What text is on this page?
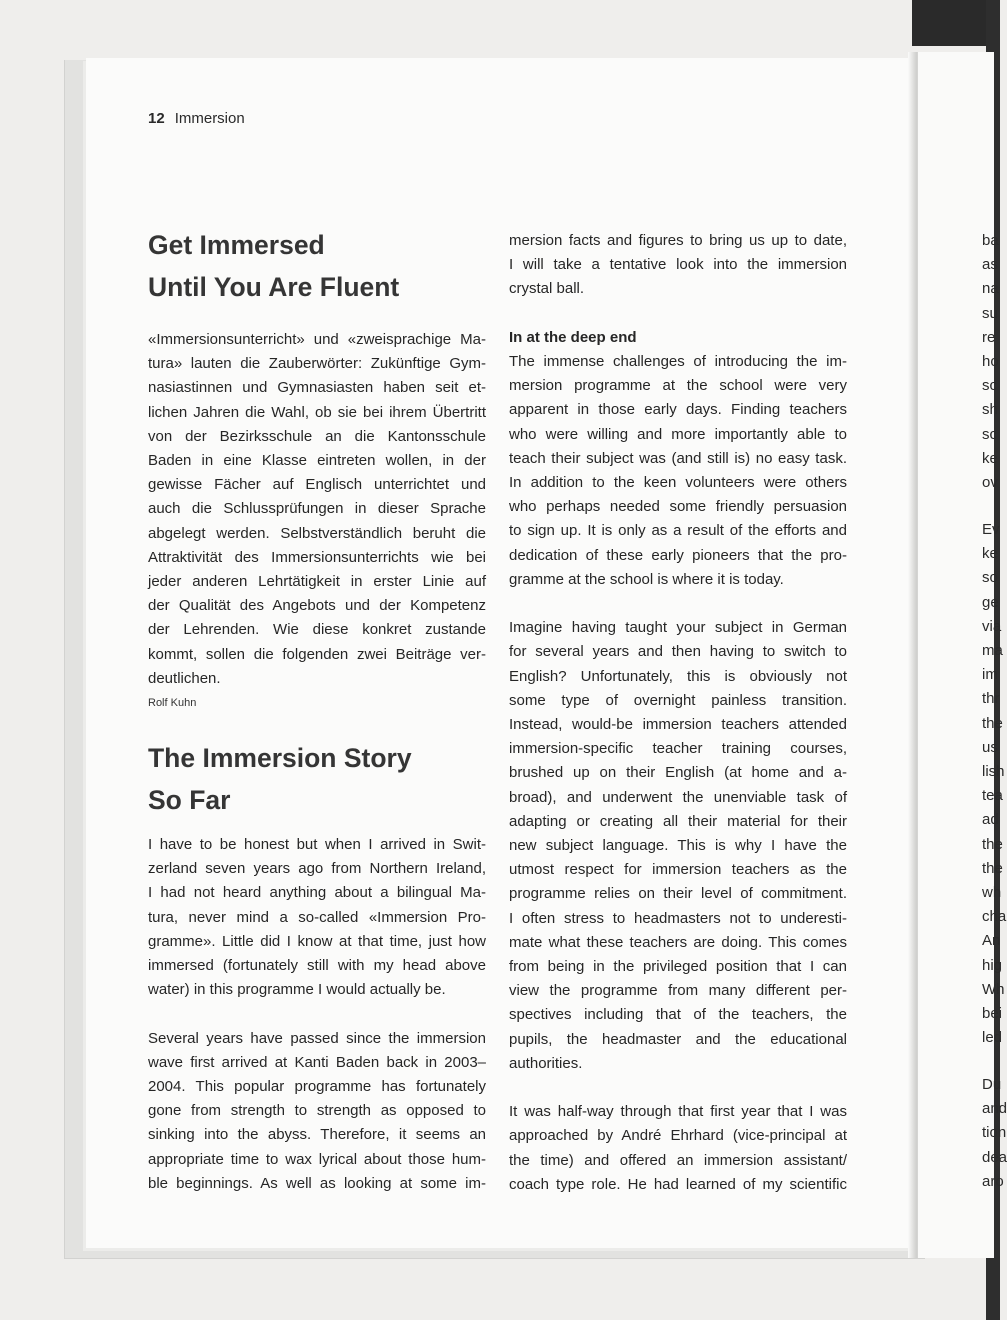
ba
as
na
su
re
ho
sc
sh
sc
ke
ov
Ev
ke
so
ge
via
ma
im
thr
the
us
lish
tea
ad
the
the
wh
cha
An
hig
Wh
bei
led
Du
and
tion
dea
aro
12 Immersion
Get Immersed
Until You Are Fluent
«Immersionsunterricht» und «zweisprachige Ma-
tura» lauten die Zauberwörter: Zukünftige Gym-
nasiastinnen und Gymnasiasten haben seit et-
lichen Jahren die Wahl, ob sie bei ihrem Übertritt
von der Bezirksschule an die Kantonsschule
Baden in eine Klasse eintreten wollen, in der
gewisse Fächer auf Englisch unterrichtet und
auch die Schlussprüfungen in dieser Sprache
abgelegt werden. Selbstverständlich beruht die
Attraktivität des Immersionsunterrichts wie bei
jeder anderen Lehrtätigkeit in erster Linie auf
der Qualität des Angebots und der Kompetenz
der Lehrenden. Wie diese konkret zustande
kommt, sollen die folgenden zwei Beiträge ver-
deutlichen.
Rolf Kuhn
The Immersion Story
So Far
I have to be honest but when I arrived in Swit-
zerland seven years ago from Northern Ireland,
I had not heard anything about a bilingual Ma-
tura, never mind a so-called «Immersion Pro-
gramme». Little did I know at that time, just how
immersed (fortunately still with my head above
water) in this programme I would actually be.
Several years have passed since the immersion
wave first arrived at Kanti Baden back in 2003–
2004. This popular programme has fortunately
gone from strength to strength as opposed to
sinking into the abyss. Therefore, it seems an
appropriate time to wax lyrical about those hum-
ble beginnings. As well as looking at some im-
mersion facts and figures to bring us up to date,
I will take a tentative look into the immersion
crystal ball.
In at the deep end
The immense challenges of introducing the im-
mersion programme at the school were very
apparent in those early days. Finding teachers
who were willing and more importantly able to
teach their subject was (and still is) no easy task.
In addition to the keen volunteers were others
who perhaps needed some friendly persuasion
to sign up. It is only as a result of the efforts and
dedication of these early pioneers that the pro-
gramme at the school is where it is today.
Imagine having taught your subject in German
for several years and then having to switch to
English? Unfortunately, this is obviously not
some type of overnight painless transition.
Instead, would-be immersion teachers attended
immersion-specific teacher training courses,
brushed up on their English (at home and a-
broad), and underwent the unenviable task of
adapting or creating all their material for their
new subject language. This is why I have the
utmost respect for immersion teachers as the
programme relies on their level of commitment.
I often stress to headmasters not to underesti-
mate what these teachers are doing. This comes
from being in the privileged position that I can
view the programme from many different per-
spectives including that of the teachers, the
pupils, the headmaster and the educational
authorities.
It was half-way through that first year that I was
approached by André Ehrhard (vice-principal at
the time) and offered an immersion assistant/
coach type role. He had learned of my scientific
